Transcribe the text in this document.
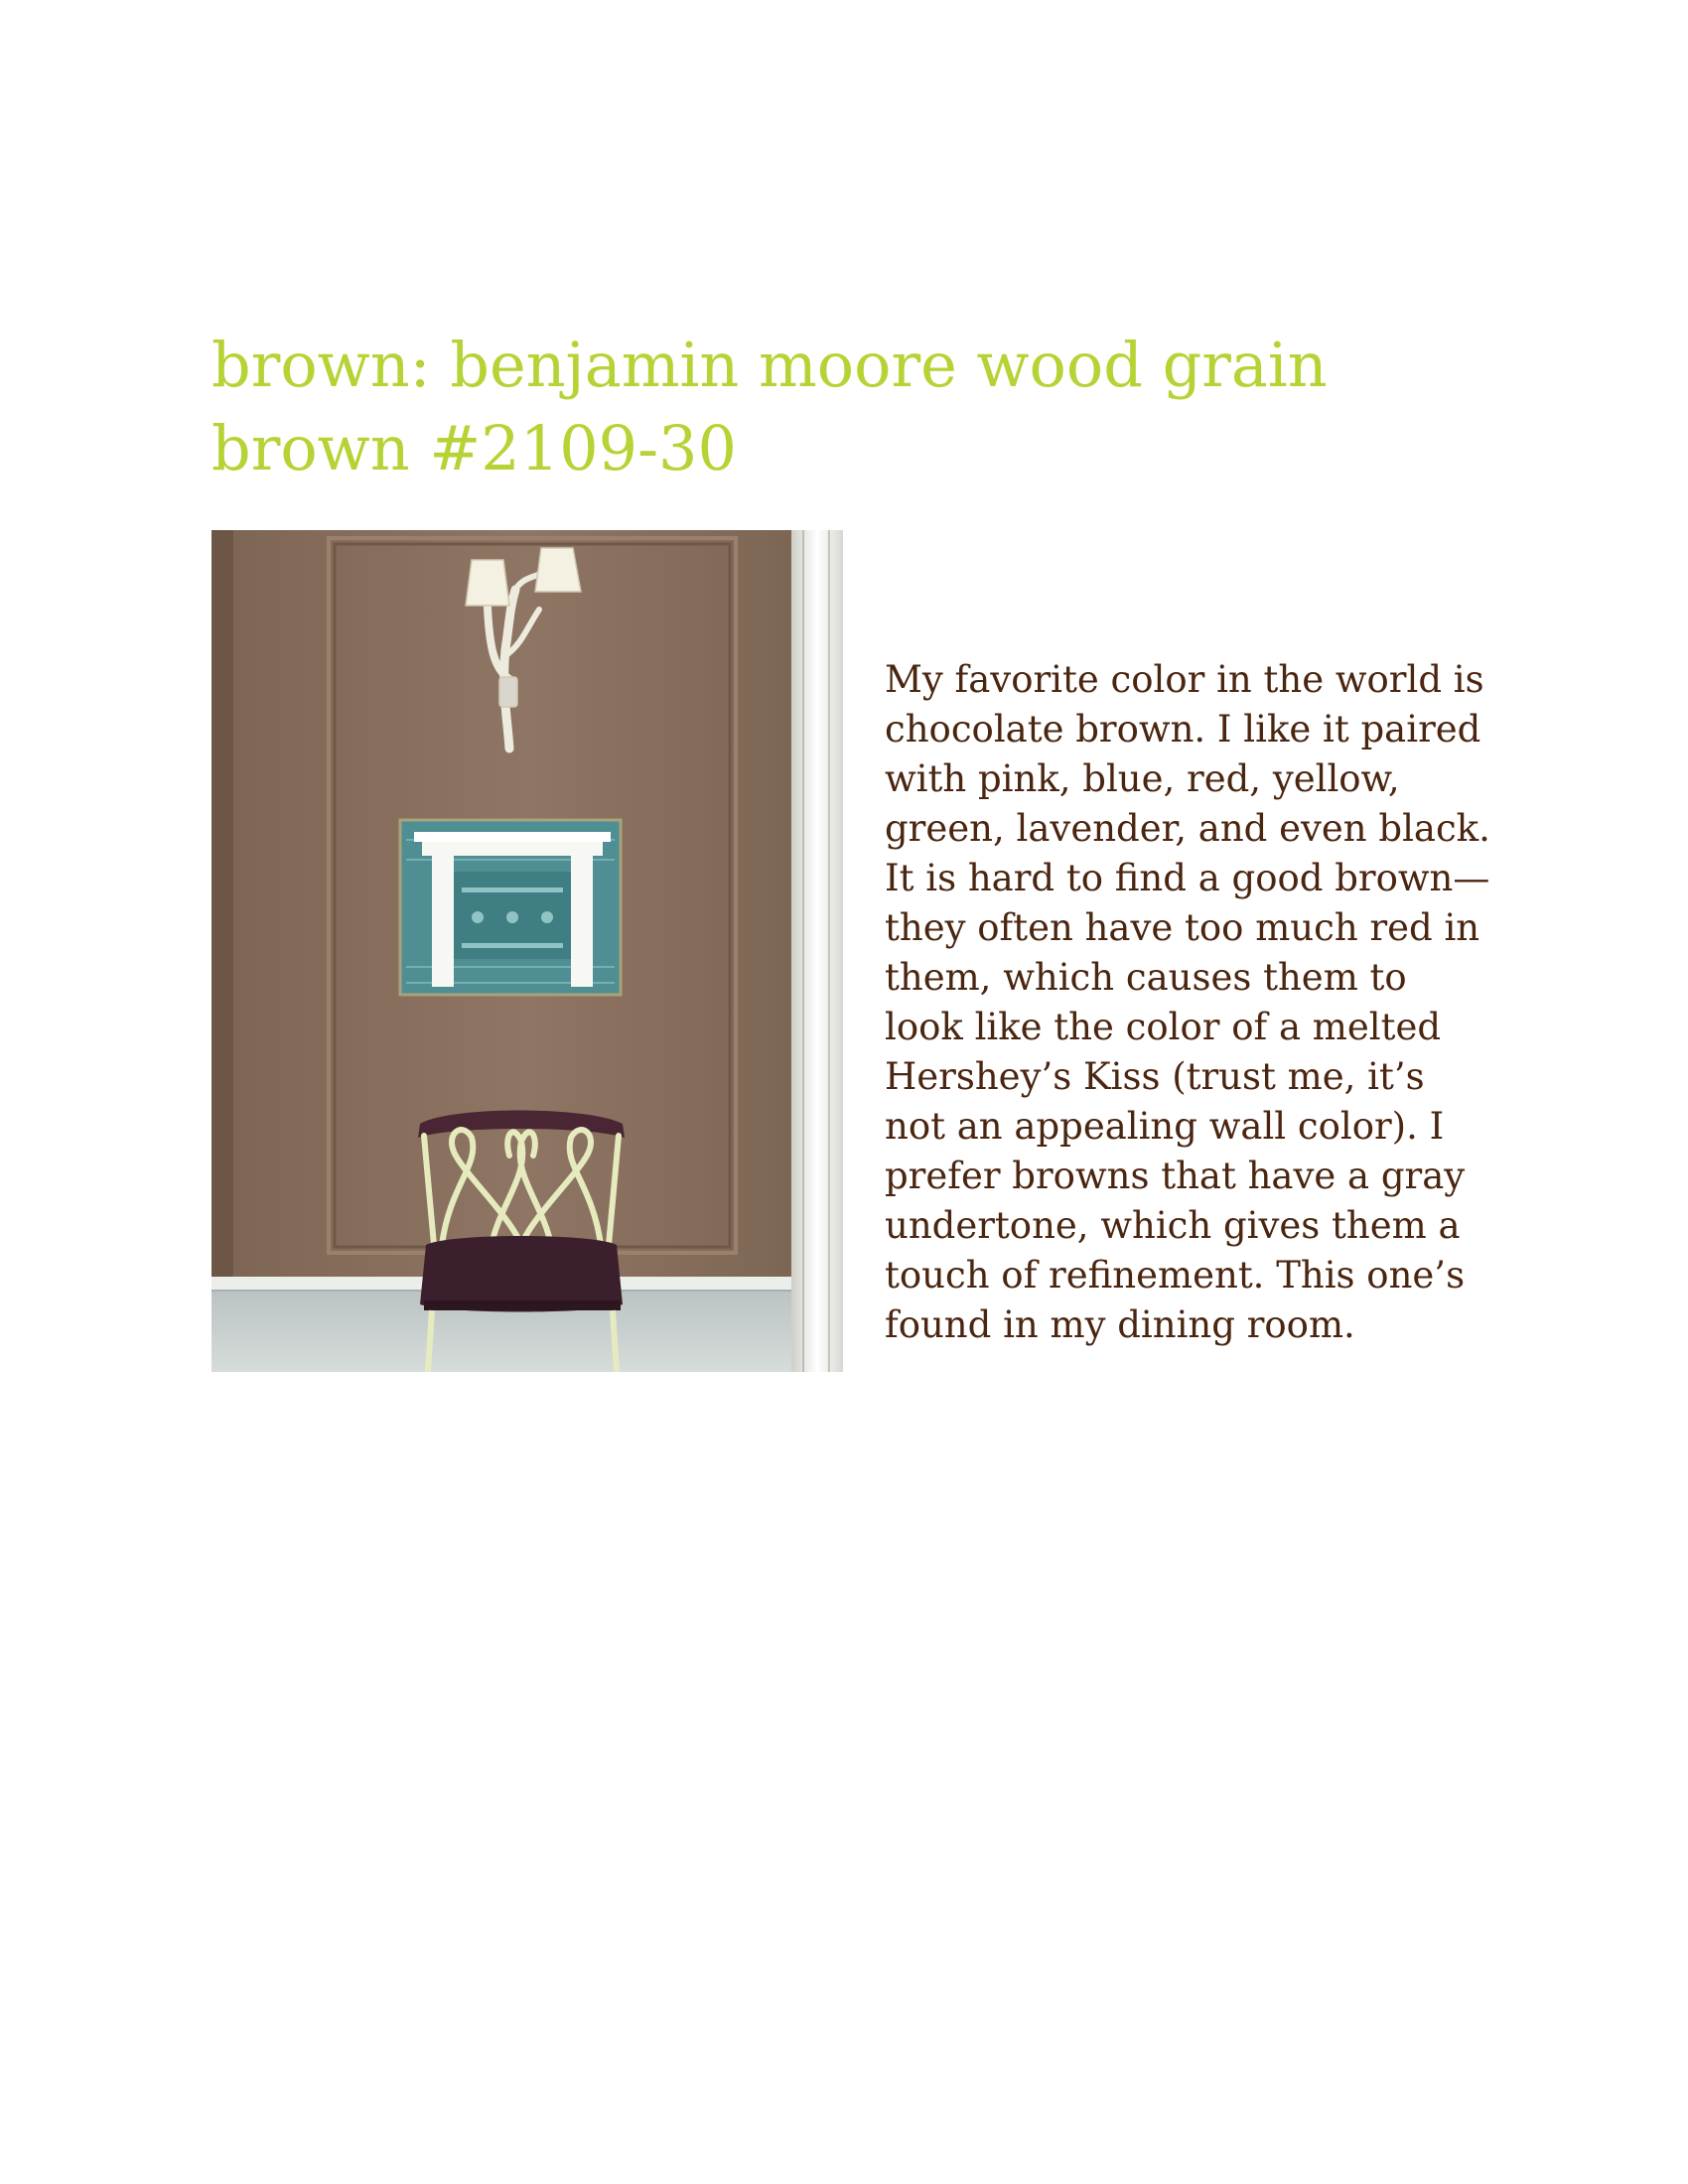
brown: benjamin moore wood grain brown #2109-30

My favorite color in the world is chocolate brown. I like it paired with pink, blue, red, yellow, green, lavender, and even black. It is hard to find a good brown—they often have too much red in them, which causes them to look like the color of a melted Hershey’s Kiss (trust me, it’s not an appealing wall color). I prefer browns that have a gray undertone, which gives them a touch of refinement. This one’s found in my dining room.
